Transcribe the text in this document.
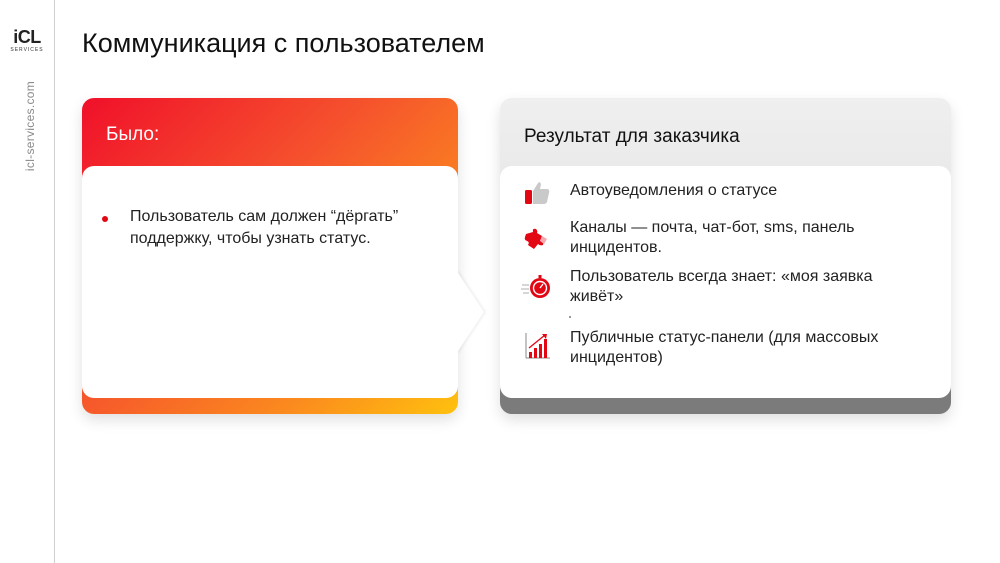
iCL
SERVICES
icl-services.com
Коммуникация с пользователем
Было:
Пользователь сам должен “дёргать” поддержку, чтобы узнать статус.
Результат для заказчика
Автоуведомления о статусе
Каналы — почта, чат-бот, sms, панель инцидентов.
Пользователь всегда знает: «моя заявка живёт»
Публичные статус-панели (для массовых инцидентов)
